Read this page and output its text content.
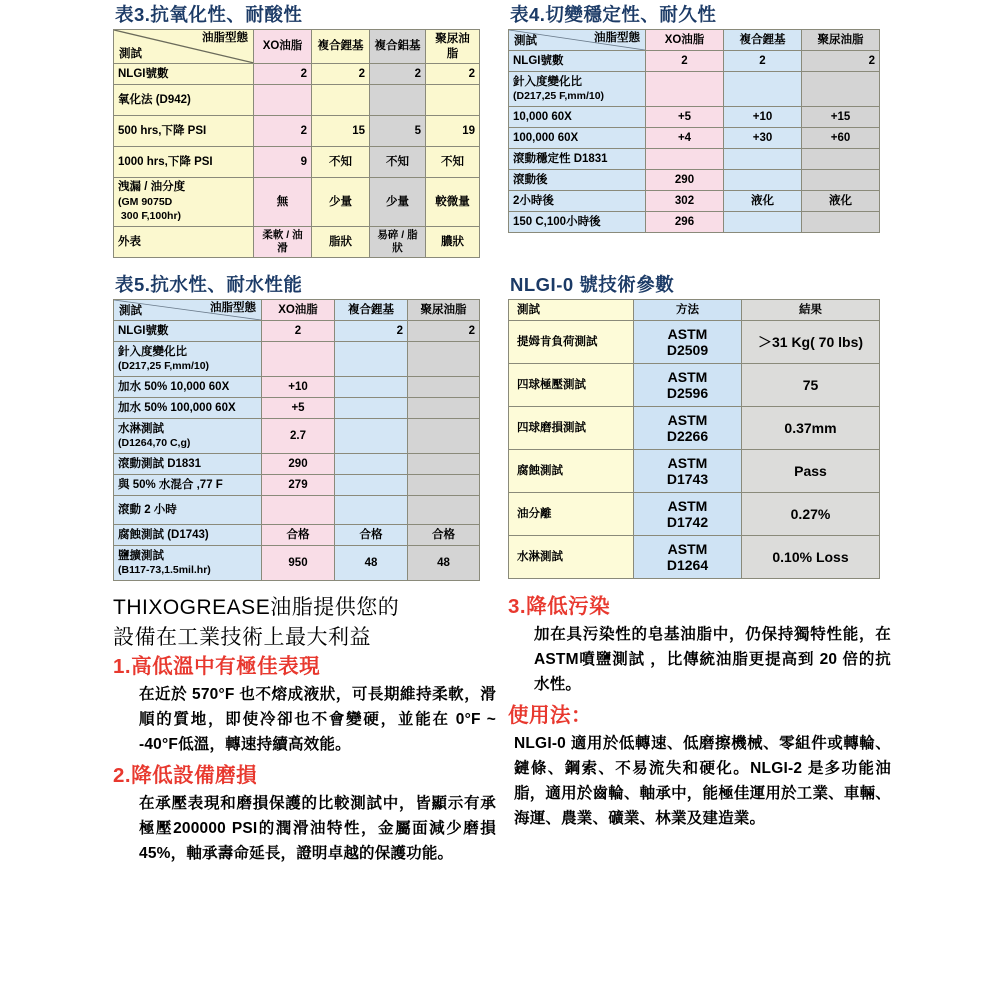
表3.抗氧化性、耐酸性
測試
油脂型態	XO油脂	複合鋰基	複合鋁基	聚尿油脂
NLGI號數	2	2	2	2
氧化法 (D942)				
500 hrs,下降 PSI	2	15	5	19
1000 hrs,下降 PSI	9	不知	不知	不知
洩漏 / 油分度
(GM 9075D
300 F,100hr)	無	少量	少量	較微量
外表	柔軟 / 油滑	脂狀	易碎 / 脂狀	膿狀
表4.切變穩定性、耐久性
測試 油脂型態	XO油脂	複合鋰基	聚尿油脂
NLGI號數	2	2	2
針入度變化比
(D217,25 F,mm/10)			
10,000 60X	+5	+10	+15
100,000 60X	+4	+30	+60
滾動穩定性 D1831			
滾動後	290		
2小時後	302	液化	液化
150 C,100小時後	296		
表5.抗水性、耐水性能
測試 油脂型態	XO油脂	複合鋰基	聚尿油脂
NLGI號數	2	2	2
針入度變化比
(D217,25 F,mm/10)			
加水 50% 10,000 60X	+10		
加水 50% 100,000 60X	+5		
水淋測試
(D1264,70 C,g)	2.7		
滾動測試 D1831	290		
與 50% 水混合 ,77 F	279		
滾動 2 小時			
腐蝕測試 (D1743)	合格	合格	合格
鹽擴測試
(B117-73,1.5mil.hr)	950	48	48
NLGI-0 號技術參數
測試	方法	結果
提姆肯負荷測試	ASTM
D2509	＞31 Kg( 70 lbs)
四球極壓測試	ASTM
D2596	75
四球磨損測試	ASTM
D2266	0.37mm
腐蝕測試	ASTM
D1743	Pass
油分離	ASTM
D1742	0.27%
水淋測試	ASTM
D1264	0.10% Loss
THIXOGREASE油脂提供您的
設備在工業技術上最大利益
1.高低溫中有極佳表現

在近於 570°F 也不熔成液狀，可長期維持柔軟，滑順的質地，即使冷卻也不會變硬，並能在 0°F ~ -40°F低溫，轉速持續高效能。

2.降低設備磨損

在承壓表現和磨損保護的比較測試中，皆顯示有承極壓200000 PSI的潤滑油特性，金屬面減少磨損 45%，軸承壽命延長，證明卓越的保護功能。

3.降低污染

加在具污染性的皂基油脂中，仍保持獨特性能，在ASTM噴鹽測試 ，比傳統油脂更提高到 20 倍的抗水性。

使用法：

NLGI-0 適用於低轉速、低磨擦機械、零組件或轉輪、鏈條、鋼索、不易流失和硬化。NLGI-2 是多功能油脂，適用於齒輪、軸承中，能極佳運用於工業、車輛、海運、農業、礦業、林業及建造業。
